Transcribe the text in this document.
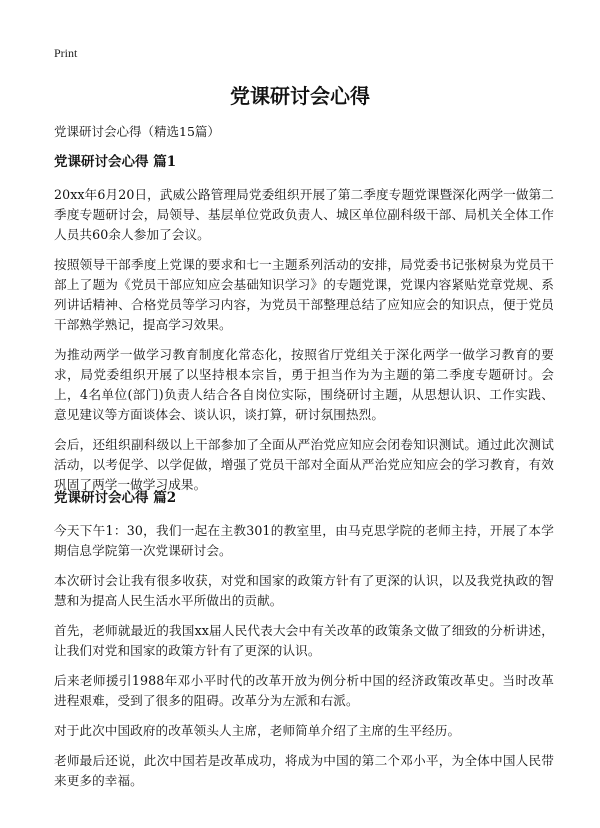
Print
党课研讨会心得

党课研讨会心得（精选15篇）

党课研讨会心得 篇1

20xx年6月20日，武威公路管理局党委组织开展了第二季度专题党课暨深化两学一做第二季度专题研讨会，局领导、基层单位党政负责人、城区单位副科级干部、局机关全体工作人员共60余人参加了会议。

按照领导干部季度上党课的要求和七一主题系列活动的安排，局党委书记张树泉为党员干部上了题为《党员干部应知应会基础知识学习》的专题党课，党课内容紧贴党章党规、系列讲话精神、合格党员等学习内容，为党员干部整理总结了应知应会的知识点，便于党员干部熟学熟记，提高学习效果。

为推动两学一做学习教育制度化常态化，按照省厅党组关于深化两学一做学习教育的要求，局党委组织开展了以坚持根本宗旨，勇于担当作为为主题的第二季度专题研讨。会上，4名单位(部门)负责人结合各自岗位实际，围绕研讨主题，从思想认识、工作实践、意见建议等方面谈体会、谈认识，谈打算，研讨氛围热烈。

会后，还组织副科级以上干部参加了全面从严治党应知应会闭卷知识测试。通过此次测试活动，以考促学、以学促做，增强了党员干部对全面从严治党应知应会的学习教育，有效巩固了两学一做学习成果。

党课研讨会心得 篇2

今天下午1：30，我们一起在主教301的教室里，由马克思学院的老师主持，开展了本学期信息学院第一次党课研讨会。

本次研讨会让我有很多收获，对党和国家的政策方针有了更深的认识，以及我党执政的智慧和为提高人民生活水平所做出的贡献。

首先，老师就最近的我国xx届人民代表大会中有关改革的政策条文做了细致的分析讲述，让我们对党和国家的政策方针有了更深的认识。

后来老师援引1988年邓小平时代的改革开放为例分析中国的经济政策改革史。当时改革进程艰难，受到了很多的阻碍。改革分为左派和右派。

对于此次中国政府的改革领头人主席，老师简单介绍了主席的生平经历。

老师最后还说，此次中国若是改革成功，将成为中国的第二个邓小平，为全体中国人民带来更多的幸福。
